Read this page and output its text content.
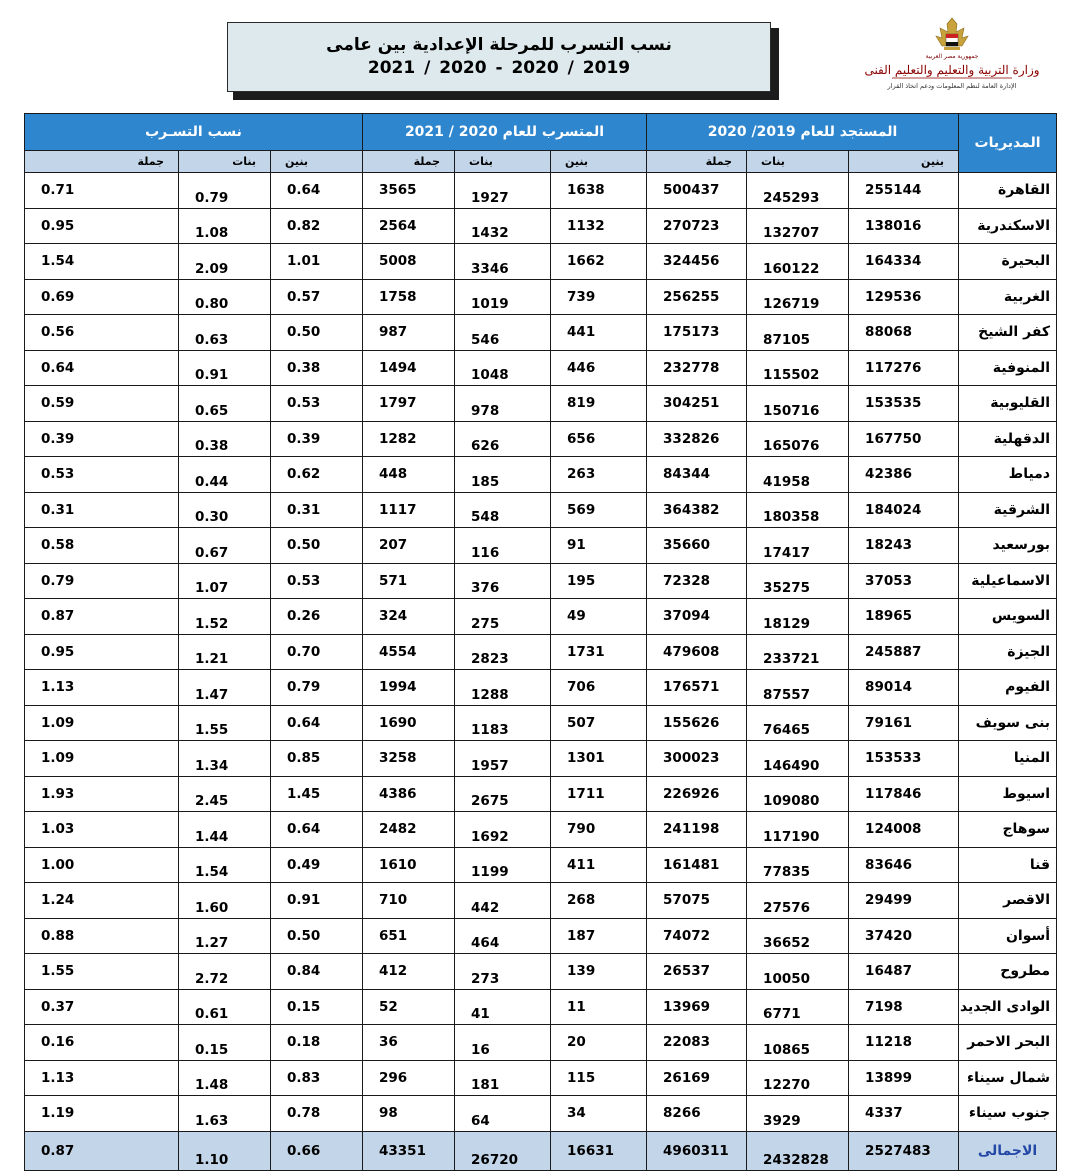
جمهورية مصر العربية
وزارة التربية والتعليم والتعليم الفنى
الإدارة العامة لنظم المعلومات ودعم اتخاذ القرار
نسب التسرب للمرحلة الإعدادية بين عامى
2021 / 2020 - 2020 / 2019
المديريات	المستجد للعام 2019/ 2020			المتسرب للعام 2020 / 2021			نسب التسـرب		
	بنين	بنات	جملة	بنين	بنات	جملة	بنين	بنات	جملة
القاهرة	255144	245293	500437	1638	1927	3565	0.64	0.79	0.71
الاسكندرية	138016	132707	270723	1132	1432	2564	0.82	1.08	0.95
البحيرة	164334	160122	324456	1662	3346	5008	1.01	2.09	1.54
الغربية	129536	126719	256255	739	1019	1758	0.57	0.80	0.69
كفر الشيخ	88068	87105	175173	441	546	987	0.50	0.63	0.56
المنوفية	117276	115502	232778	446	1048	1494	0.38	0.91	0.64
القليوبية	153535	150716	304251	819	978	1797	0.53	0.65	0.59
الدقهلية	167750	165076	332826	656	626	1282	0.39	0.38	0.39
دمياط	42386	41958	84344	263	185	448	0.62	0.44	0.53
الشرقية	184024	180358	364382	569	548	1117	0.31	0.30	0.31
بورسعيد	18243	17417	35660	91	116	207	0.50	0.67	0.58
الاسماعيلية	37053	35275	72328	195	376	571	0.53	1.07	0.79
السويس	18965	18129	37094	49	275	324	0.26	1.52	0.87
الجيزة	245887	233721	479608	1731	2823	4554	0.70	1.21	0.95
الفيوم	89014	87557	176571	706	1288	1994	0.79	1.47	1.13
بنى سويف	79161	76465	155626	507	1183	1690	0.64	1.55	1.09
المنيا	153533	146490	300023	1301	1957	3258	0.85	1.34	1.09
اسيوط	117846	109080	226926	1711	2675	4386	1.45	2.45	1.93
سوهاج	124008	117190	241198	790	1692	2482	0.64	1.44	1.03
قنا	83646	77835	161481	411	1199	1610	0.49	1.54	1.00
الاقصر	29499	27576	57075	268	442	710	0.91	1.60	1.24
أسوان	37420	36652	74072	187	464	651	0.50	1.27	0.88
مطروح	16487	10050	26537	139	273	412	0.84	2.72	1.55
الوادى الجديد	7198	6771	13969	11	41	52	0.15	0.61	0.37
البحر الاحمر	11218	10865	22083	20	16	36	0.18	0.15	0.16
شمال سيناء	13899	12270	26169	115	181	296	0.83	1.48	1.13
جنوب سيناء	4337	3929	8266	34	64	98	0.78	1.63	1.19
الاجمالى	2527483	2432828	4960311	16631	26720	43351	0.66	1.10	0.87
